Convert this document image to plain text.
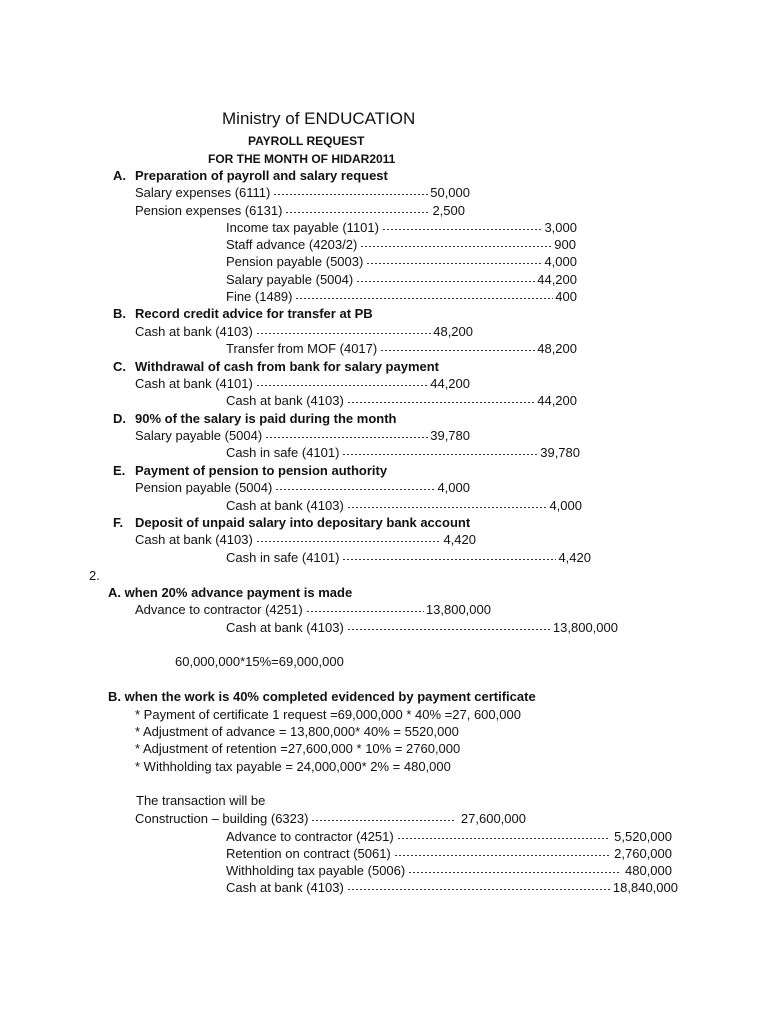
Ministry of ENDUCATION
PAYROLL REQUEST
FOR THE MONTH OF HIDAR2011
A. Preparation of payroll and salary request
Salary expenses (6111)	50,000
Pension expenses (6131)	2,500
Income tax payable (1101)	3,000
Staff advance (4203/2)	900
Pension payable (5003)	4,000
Salary payable (5004)	44,200
Fine (1489)	400
B. Record credit advice for transfer at PB
Cash at bank (4103)	48,200
Transfer from MOF (4017)	48,200
C. Withdrawal of cash from bank for salary payment
Cash at bank (4101)	44,200
Cash at bank (4103)	44,200
D. 90% of the salary is paid during the month
Salary payable (5004)	39,780
Cash in safe (4101)	39,780
E. Payment of pension to pension authority
Pension payable (5004)	4,000
Cash at bank (4103)	4,000
F. Deposit of unpaid salary into depositary bank account
Cash at bank (4103)	4,420
Cash in safe (4101)	4,420
2.
A. when 20% advance payment is made
Advance to contractor (4251)	13,800,000
Cash at bank (4103)	13,800,000
60,000,000*15%=69,000,000
B. when the work is 40% completed evidenced by payment certificate
* Payment of certificate 1 request =69,000,000 * 40% =27, 600,000
* Adjustment of advance = 13,800,000* 40% = 5520,000
* Adjustment of retention =27,600,000 * 10% = 2760,000
* Withholding tax payable = 24,000,000* 2% = 480,000
The transaction will be
Construction – building (6323)	27,600,000
Advance to contractor (4251)	5,520,000
Retention on contract (5061)	2,760,000
Withholding tax payable (5006)	480,000
Cash at bank (4103)	18,840,000
